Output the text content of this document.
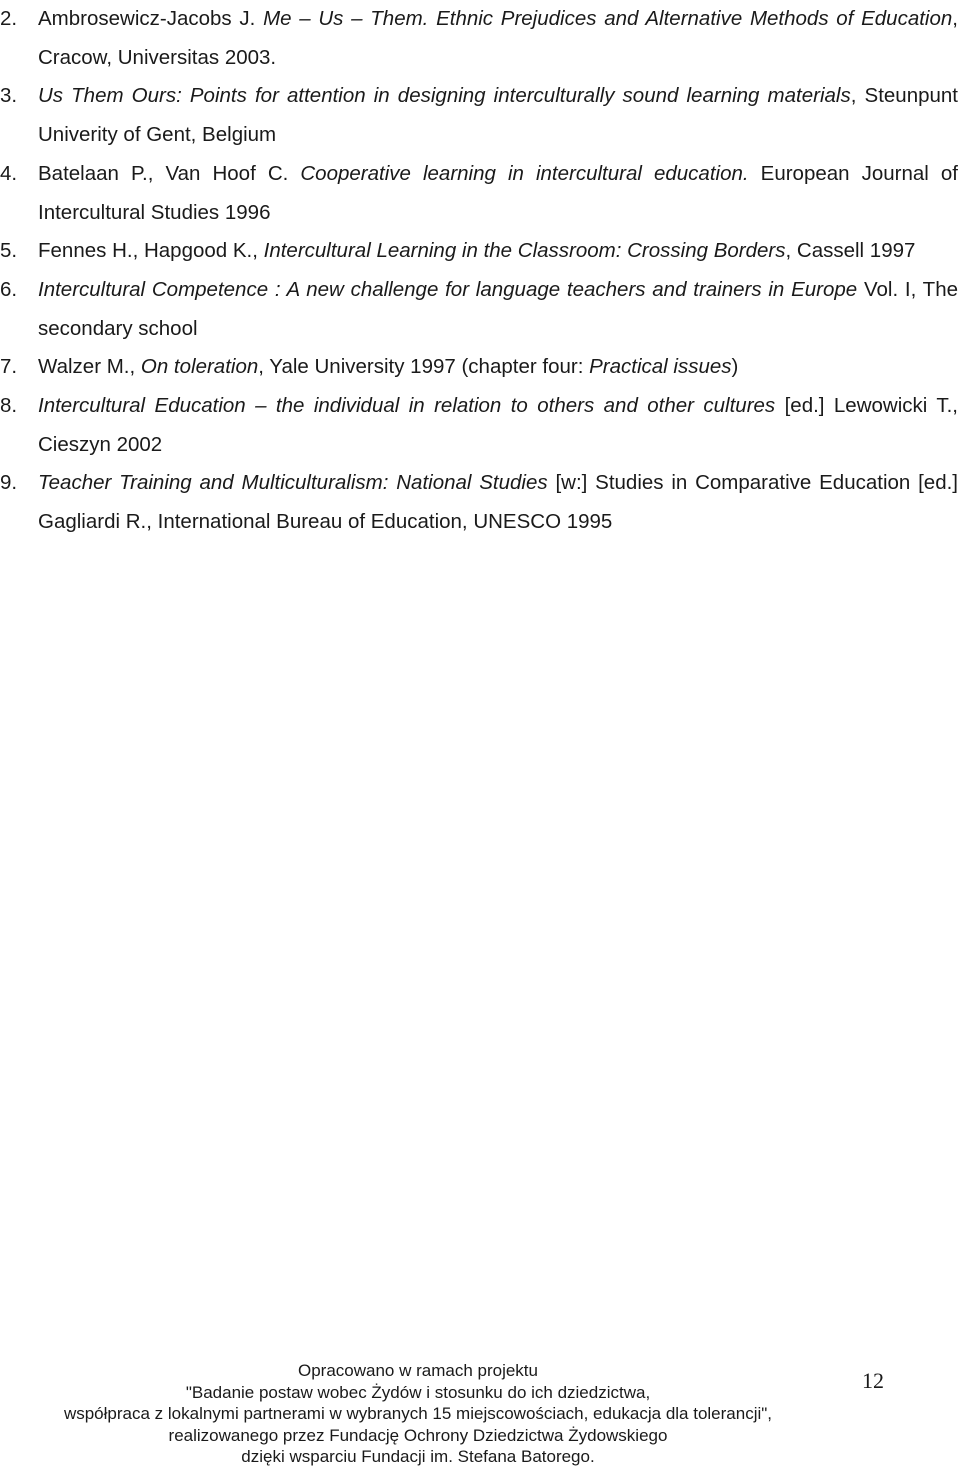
2. Ambrosewicz-Jacobs J. Me – Us – Them. Ethnic Prejudices and Alternative Methods of Education, Cracow, Universitas 2003.
3. Us Them Ours: Points for attention in designing interculturally sound learning materials, Steunpunt Univerity of Gent, Belgium
4. Batelaan P., Van Hoof C. Cooperative learning in intercultural education. European Journal of Intercultural Studies 1996
5. Fennes H., Hapgood K., Intercultural Learning in the Classroom: Crossing Borders, Cassell 1997
6. Intercultural Competence : A new challenge for language teachers and trainers in Europe Vol. I, The secondary school
7. Walzer M., On toleration, Yale University 1997 (chapter four: Practical issues)
8. Intercultural Education – the individual in relation to others and other cultures [ed.] Lewowicki T., Cieszyn 2002
9. Teacher Training and Multiculturalism: National Studies [w:] Studies in Comparative Education [ed.] Gagliardi R., International Bureau of Education, UNESCO 1995
Opracowano w ramach projektu
"Badanie postaw wobec Żydów i stosunku do ich dziedzictwa,
współpraca z lokalnymi partnerami w wybranych 15 miejscowościach, edukacja dla tolerancji",
realizowanego przez Fundację Ochrony Dziedzictwa Żydowskiego
dzięki wsparciu Fundacji im. Stefana Batorego.
12
